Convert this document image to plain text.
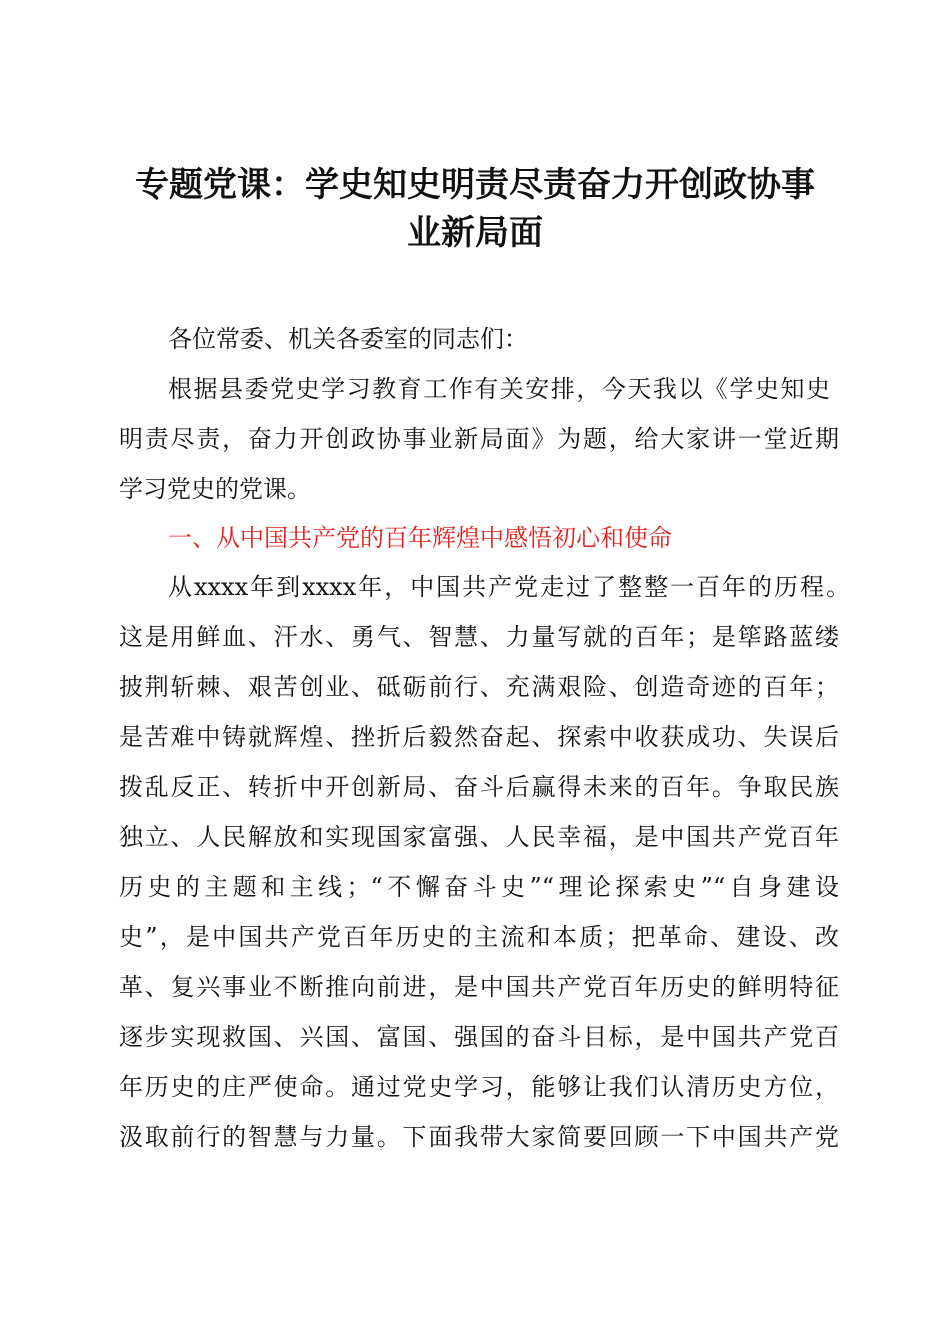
专题党课：学史知史明责尽责奋力开创政协事
业新局面
各位常委、机关各委室的同志们：
根据县委党史学习教育工作有关安排，今天我以《学史知史
明责尽责，奋力开创政协事业新局面》为题，给大家讲一堂近期
学习党史的党课。
一、从中国共产党的百年辉煌中感悟初心和使命
从xxxx年到xxxx年，中国共产党走过了整整一百年的历程。
这是用鲜血、汗水、勇气、智慧、力量写就的百年；是筚路蓝缕
披荆斩棘、艰苦创业、砥砺前行、充满艰险、创造奇迹的百年；
是苦难中铸就辉煌、挫折后毅然奋起、探索中收获成功、失误后
拨乱反正、转折中开创新局、奋斗后赢得未来的百年。争取民族
独立、人民解放和实现国家富强、人民幸福，是中国共产党百年
历史的主题和主线；“不懈奋斗史”“理论探索史”“自身建设
史”，是中国共产党百年历史的主流和本质；把革命、建设、改
革、复兴事业不断推向前进，是中国共产党百年历史的鲜明特征
逐步实现救国、兴国、富国、强国的奋斗目标，是中国共产党百
年历史的庄严使命。通过党史学习，能够让我们认清历史方位，
汲取前行的智慧与力量。下面我带大家简要回顾一下中国共产党
